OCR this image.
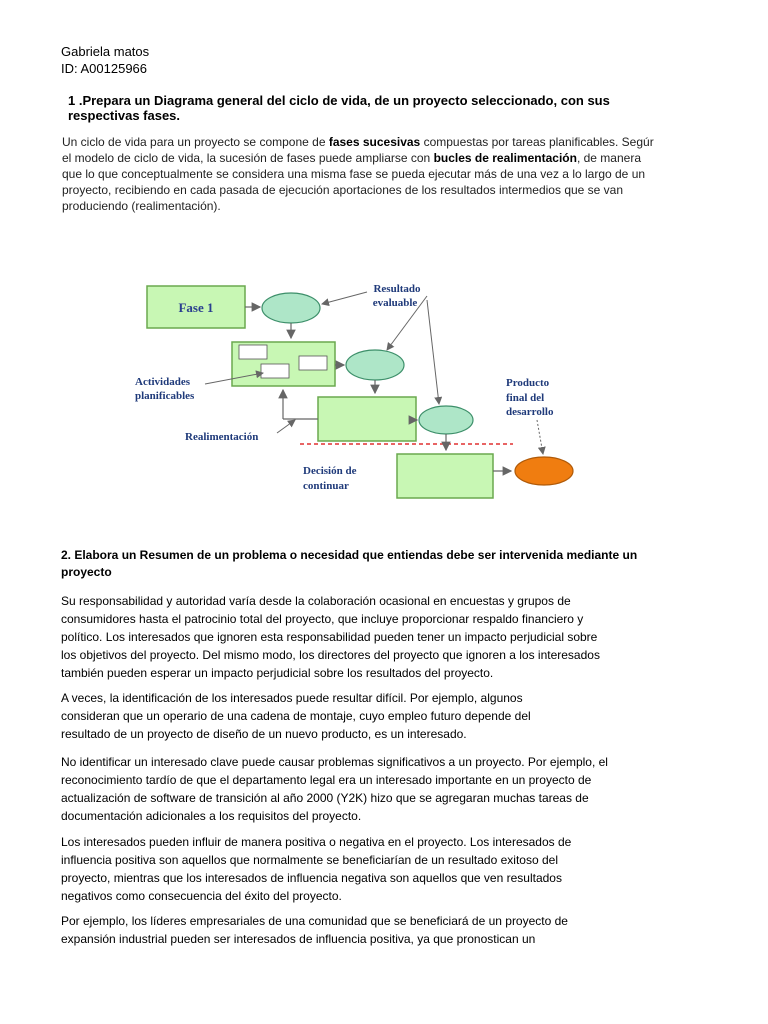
Gabriela matos
ID: A00125966
1 .Prepara un Diagrama general del ciclo de vida, de un proyecto seleccionado, con sus
respectivas fases.
Un ciclo de vida para un proyecto se compone de fases sucesivas compuestas por tareas planificables. Segúr
el modelo de ciclo de vida, la sucesión de fases puede ampliarse con bucles de realimentación, de manera
que lo que conceptualmente se considera una misma fase se pueda ejecutar más de una vez a lo largo de un
proyecto, recibiendo en cada pasada de ejecución aportaciones de los resultados intermedios que se van
produciendo (realimentación).
Fase 1
Resultado
evaluable
Actividades
planificables
Realimentación
Decisión de
continuar
Producto
final del
desarrollo
2. Elabora un Resumen de un problema o necesidad que entiendas debe ser intervenida mediante un
proyecto
Su responsabilidad y autoridad varía desde la colaboración ocasional en encuestas y grupos de
consumidores hasta el patrocinio total del proyecto, que incluye proporcionar respaldo financiero y
político. Los interesados que ignoren esta responsabilidad pueden tener un impacto perjudicial sobre
los objetivos del proyecto. Del mismo modo, los directores del proyecto que ignoren a los interesados
también pueden esperar un impacto perjudicial sobre los resultados del proyecto.
A veces, la identificación de los interesados puede resultar difícil. Por ejemplo, algunos
consideran que un operario de una cadena de montaje, cuyo empleo futuro depende del
resultado de un proyecto de diseño de un nuevo producto, es un interesado.
No identificar un interesado clave puede causar problemas significativos a un proyecto. Por ejemplo, el
reconocimiento tardío de que el departamento legal era un interesado importante en un proyecto de
actualización de software de transición al año 2000 (Y2K) hizo que se agregaran muchas tareas de
documentación adicionales a los requisitos del proyecto.
Los interesados pueden influir de manera positiva o negativa en el proyecto. Los interesados de
influencia positiva son aquellos que normalmente se beneficiarían de un resultado exitoso del
proyecto, mientras que los interesados de influencia negativa son aquellos que ven resultados
negativos como consecuencia del éxito del proyecto.
Por ejemplo, los líderes empresariales de una comunidad que se beneficiará de un proyecto de
expansión industrial pueden ser interesados de influencia positiva, ya que pronostican un
